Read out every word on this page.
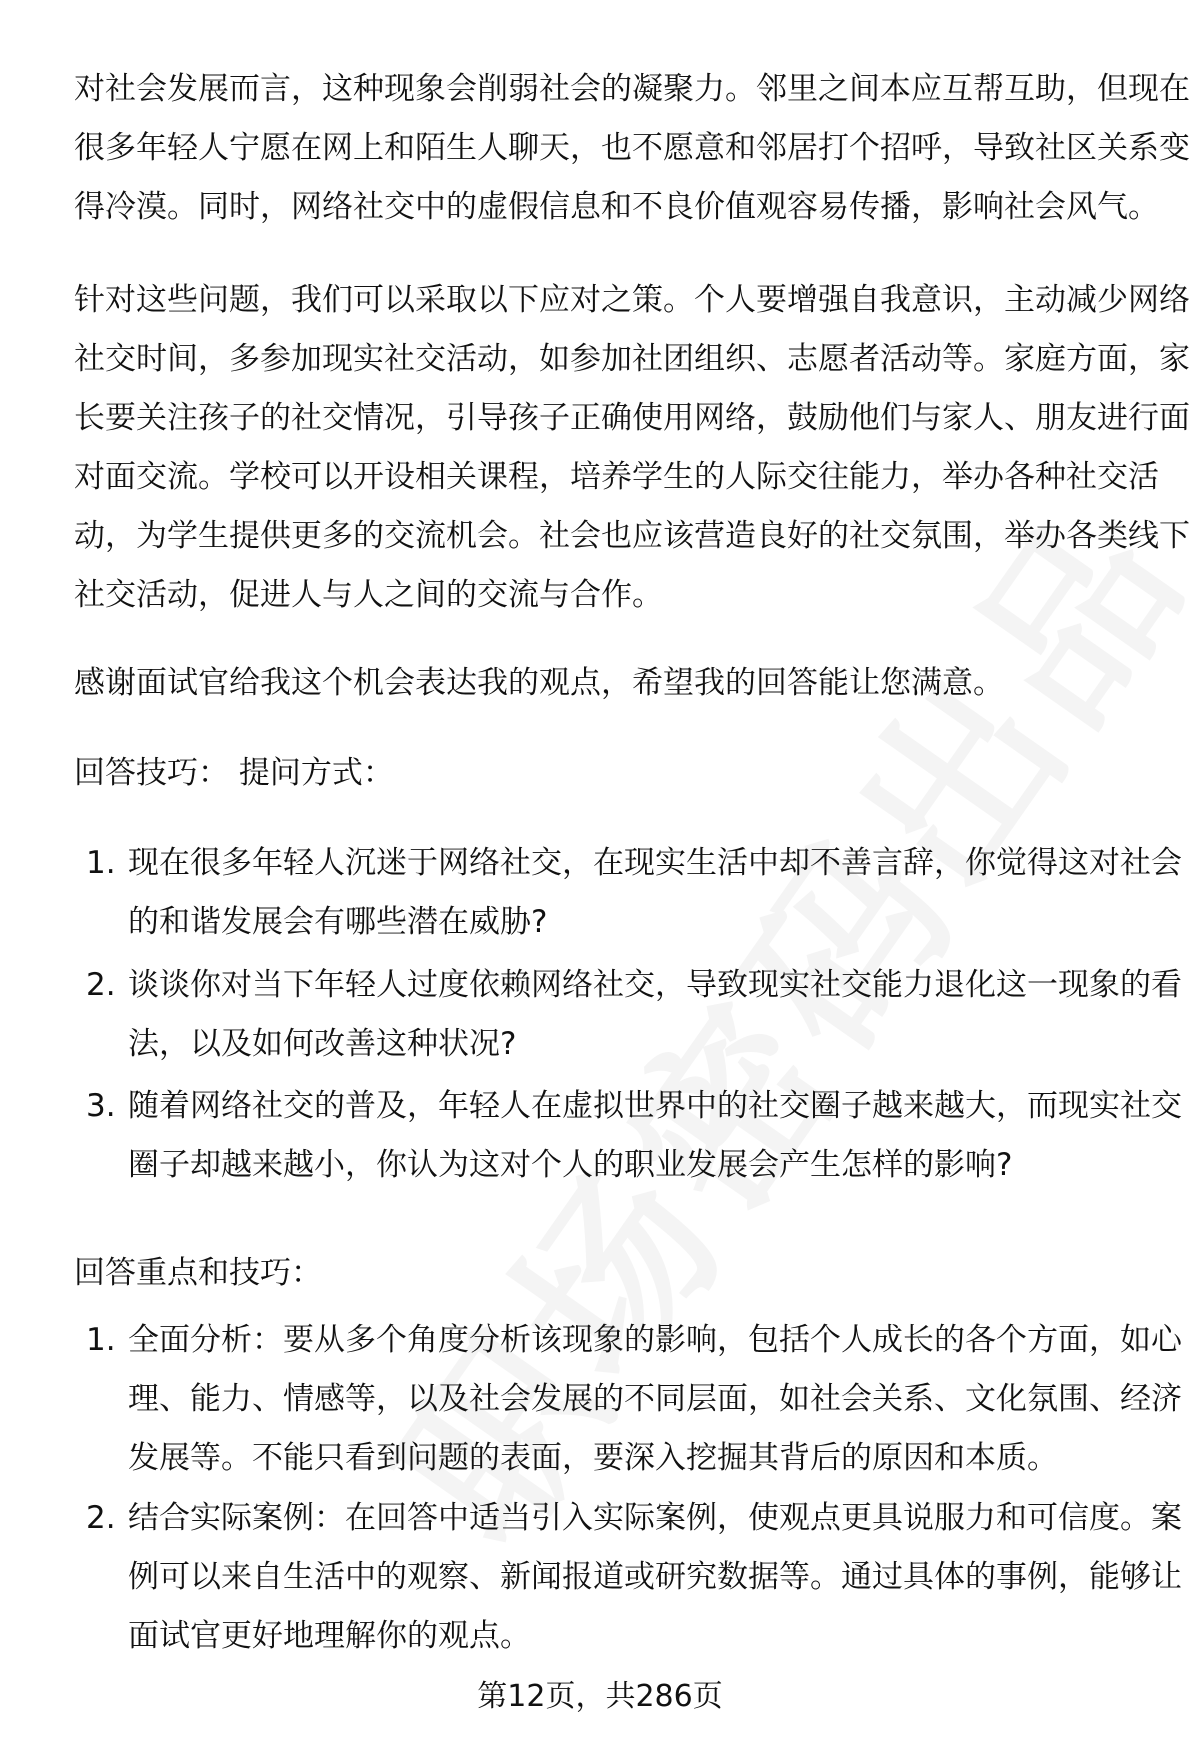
对社会发展而言，这种现象会削弱社会的凝聚力。邻里之间本应互帮互助，但现在
很多年轻人宁愿在网上和陌生人聊天，也不愿意和邻居打个招呼，导致社区关系变
得冷漠。同时，网络社交中的虚假信息和不良价值观容易传播，影响社会风气。
针对这些问题，我们可以采取以下应对之策。个人要增强自我意识，主动减少网络
社交时间，多参加现实社交活动，如参加社团组织、志愿者活动等。家庭方面，家
长要关注孩子的社交情况，引导孩子正确使用网络，鼓励他们与家人、朋友进行面
对面交流。学校可以开设相关课程，培养学生的人际交往能力，举办各种社交活
动，为学生提供更多的交流机会。社会也应该营造良好的社交氛围，举办各类线下
社交活动，促进人与人之间的交流与合作。
感谢面试官给我这个机会表达我的观点，希望我的回答能让您满意。
回答技巧： 提问方式：
1. 现在很多年轻人沉迷于网络社交，在现实生活中却不善言辞，你觉得这对社会
的和谐发展会有哪些潜在威胁?
2. 谈谈你对当下年轻人过度依赖网络社交，导致现实社交能力退化这一现象的看
法，以及如何改善这种状况?
3. 随着网络社交的普及，年轻人在虚拟世界中的社交圈子越来越大，而现实社交
圈子却越来越小，你认为这对个人的职业发展会产生怎样的影响?
回答重点和技巧：
1. 全面分析：要从多个角度分析该现象的影响，包括个人成长的各个方面，如心
理、能力、情感等，以及社会发展的不同层面，如社会关系、文化氛围、经济
发展等。不能只看到问题的表面，要深入挖掘其背后的原因和本质。
2. 结合实际案例：在回答中适当引入实际案例，使观点更具说服力和可信度。案
例可以来自生活中的观察、新闻报道或研究数据等。通过具体的事例，能够让
面试官更好地理解你的观点。
第12页，共286页
